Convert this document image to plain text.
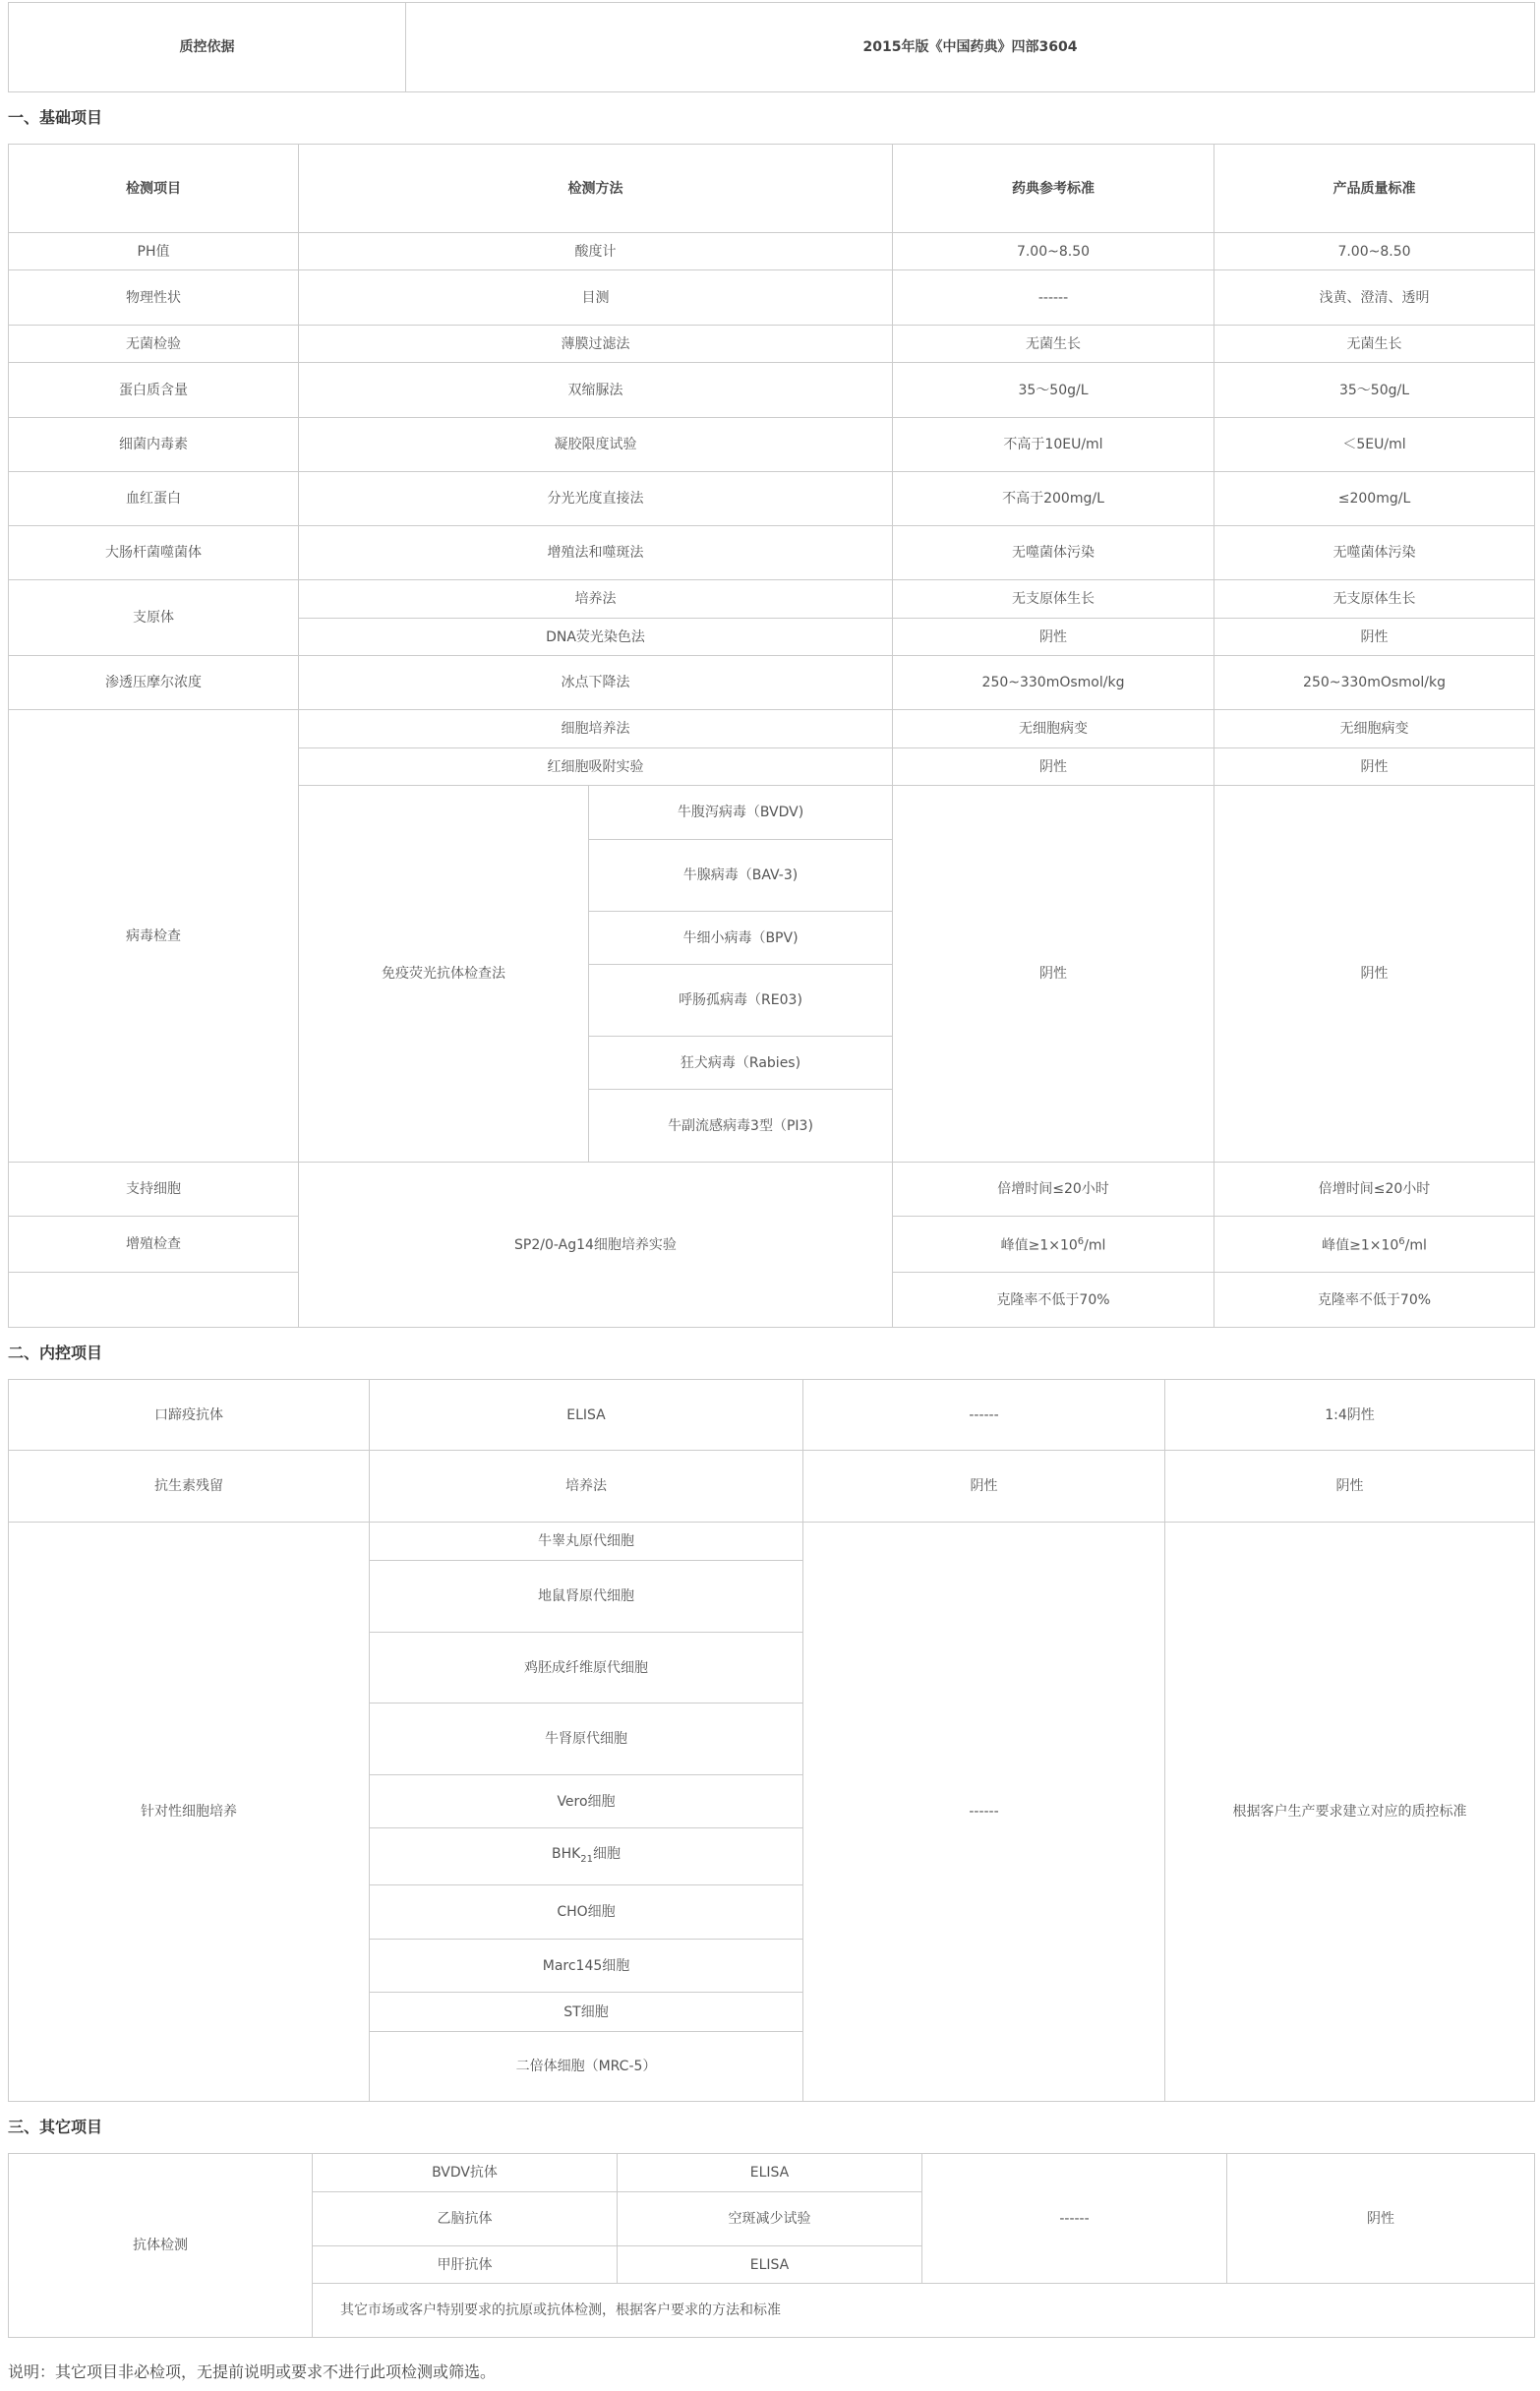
质控依据	2015年版《中国药典》四部3604
一、基础项目
检测项目	检测方法		药典参考标准	产品质量标准
PH值	酸度计		7.00~8.50	7.00~8.50
物理性状	目测		------	浅黄、澄清、透明
无菌检验	薄膜过滤法		无菌生长	无菌生长
蛋白质含量	双缩脲法		35～50g/L	35～50g/L
细菌内毒素	凝胶限度试验		不高于10EU/ml	＜5EU/ml
血红蛋白	分光光度直接法		不高于200mg/L	≤200mg/L
大肠杆菌噬菌体	增殖法和噬斑法		无噬菌体污染	无噬菌体污染
支原体	培养法		无支原体生长	无支原体生长
	DNA荧光染色法		阴性	阴性
渗透压摩尔浓度	冰点下降法		250~330mOsmol/kg	250~330mOsmol/kg
病毒检查	细胞培养法		无细胞病变	无细胞病变
	红细胞吸附实验		阴性	阴性
	免疫荧光抗体检查法	牛腹泻病毒（BVDV)	阴性	阴性
		牛腺病毒（BAV-3)		
		牛细小病毒（BPV)		
		呼肠孤病毒（RE03)		
		狂犬病毒（Rabies)		
		牛副流感病毒3型（PI3)		
支持细胞	SP2/0-Ag14细胞培养实验		倍增时间≤20小时	倍增时间≤20小时
增殖检查			峰值$\ge 1\times 10^6/ml$	峰值$\ge 1\times 10^6/ml$
			克隆率不低于70%	克隆率不低于70%
二、内控项目
口蹄疫抗体	ELISA	------	1:4阴性
抗生素残留	培养法	阴性	阴性
针对性细胞培养	牛睾丸原代细胞	------	根据客户生产要求建立对应的质控标准
	地鼠肾原代细胞		
	鸡胚成纤维原代细胞		
	牛肾原代细胞		
	Vero细胞		
	$BHK_{21}$细胞		
	CHO细胞		
	Marc145细胞		
	ST细胞		
	二倍体细胞（MRC-5）		
三、其它项目
抗体检测	BVDV抗体	ELISA	------	阴性
	乙脑抗体	空斑减少试验		
	甲肝抗体	ELISA		
	其它市场或客户特别要求的抗原或抗体检测，根据客户要求的方法和标准			
说明：其它项目非必检项，无提前说明或要求不进行此项检测或筛选。
